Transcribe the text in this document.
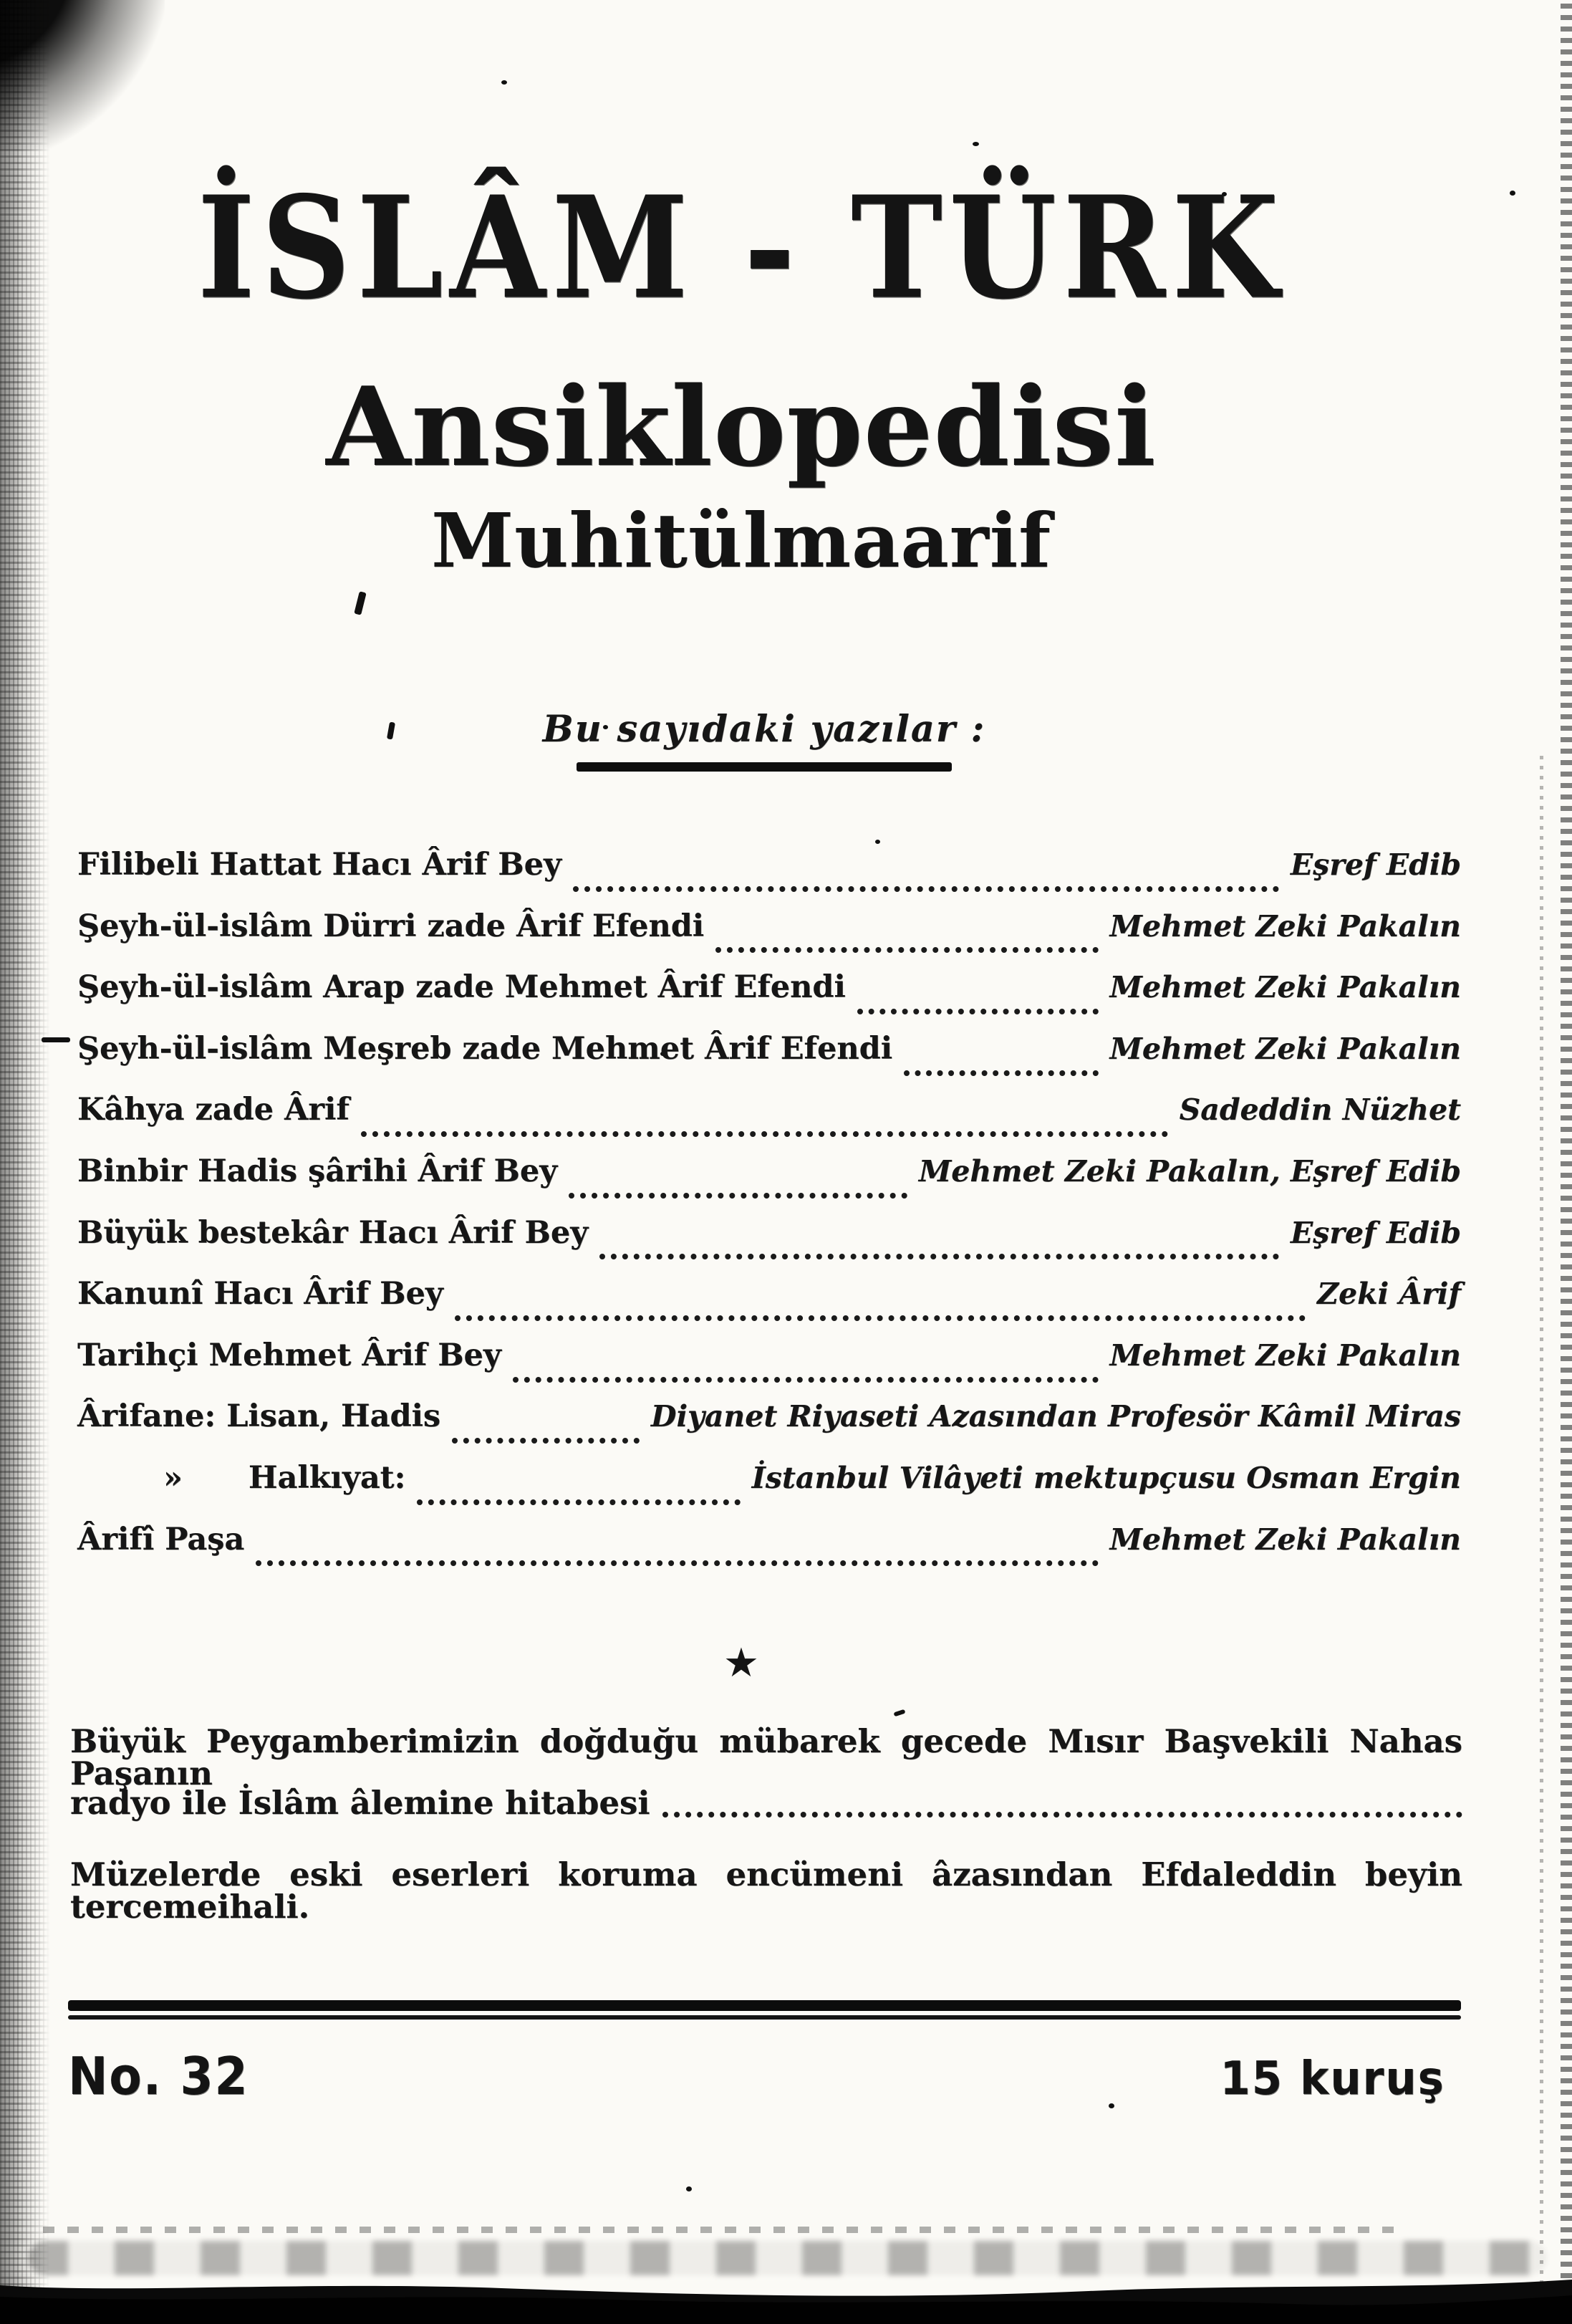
İSLÂM - TÜRK
Ansiklopedisi
Muhitülmaarif
Bu sayıdaki yazılar :
Filibeli Hattat Hacı Ârif Bey	Eşref Edib
Şeyh-ül-islâm Dürri zade Ârif Efendi	Mehmet Zeki Pakalın
Şeyh-ül-islâm Arap zade Mehmet Ârif Efendi	Mehmet Zeki Pakalın
Şeyh-ül-islâm Meşreb zade Mehmet Ârif Efendi	Mehmet Zeki Pakalın
Kâhya zade Ârif	Sadeddin Nüzhet
Binbir Hadis şârihi Ârif Bey	Mehmet Zeki Pakalın, Eşref Edib
Büyük bestekâr Hacı Ârif Bey	Eşref Edib
Kanunî Hacı Ârif Bey	Zeki Ârif
Tarihçi Mehmet Ârif Bey	Mehmet Zeki Pakalın
Ârifane: Lisan, Hadis	Diyanet Riyaseti Azasından Profesör Kâmil Miras
» Halkıyat:	İstanbul Vilâyeti mektupçusu Osman Ergin
Ârifî Paşa	Mehmet Zeki Pakalın
★
Büyük Peygamberimizin doğduğu mübarek gecede Mısır Başvekili Nahas Paşanın
radyo ile İslâm âlemine hitabesi
Müzelerde eski eserleri koruma encümeni âzasından Efdaleddin beyin tercemeihali.
No. 32	15 kuruş
